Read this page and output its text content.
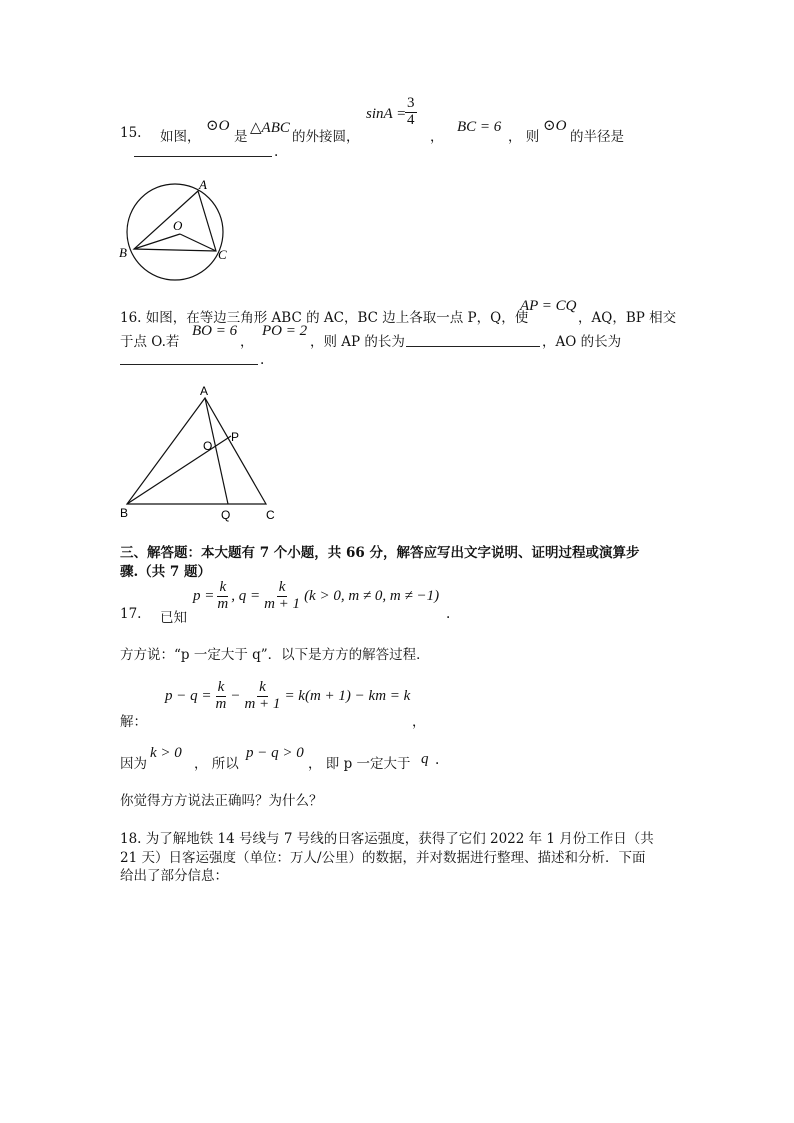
15. 如图，
⊙O
是
△ABC
的外接圆，
sinA =
$\frac{3}{4}$
，
BC = 6
， 则
⊙O
的半径是
.
A
B	C
O
16. 如图，在等边三角形 ABC 的 AC，BC 边上各取一点 P，Q，使
AP = CQ
，AQ，BP 相交
于点 O.若
BO = 6
，
PO = 2
，则 AP 的长为	，AO 的长为
.
A
B	C
O
P
Q
三、解答题：本大题有 7 个小题，共 66 分，解答应写出文字说明、证明过程或演算步
骤.（共 7 题）
17. 已知
$p = \frac{k}{m}$ , $q = \frac{k}{m + 1} (k > 0$, m ≠ 0, m ≠ −1)
.
方方说：“p 一定大于 q”．以下是方方的解答过程．
解：
$p - q = \frac{k}{m} - \frac{k}{m + 1} = k(m + 1)$ − km = k
，
因为
k > 0
， 所以
p − q > 0
， 即 p 一定大于 q .
你觉得方方说法正确吗？为什么？
18. 为了解地铁 14 号线与 7 号线的日客运强度，获得了它们 2022 年 1 月份工作日（共
21 天）日客运强度（单位：万人/公里）的数据，并对数据进行整理、描述和分析．下面
给出了部分信息：
